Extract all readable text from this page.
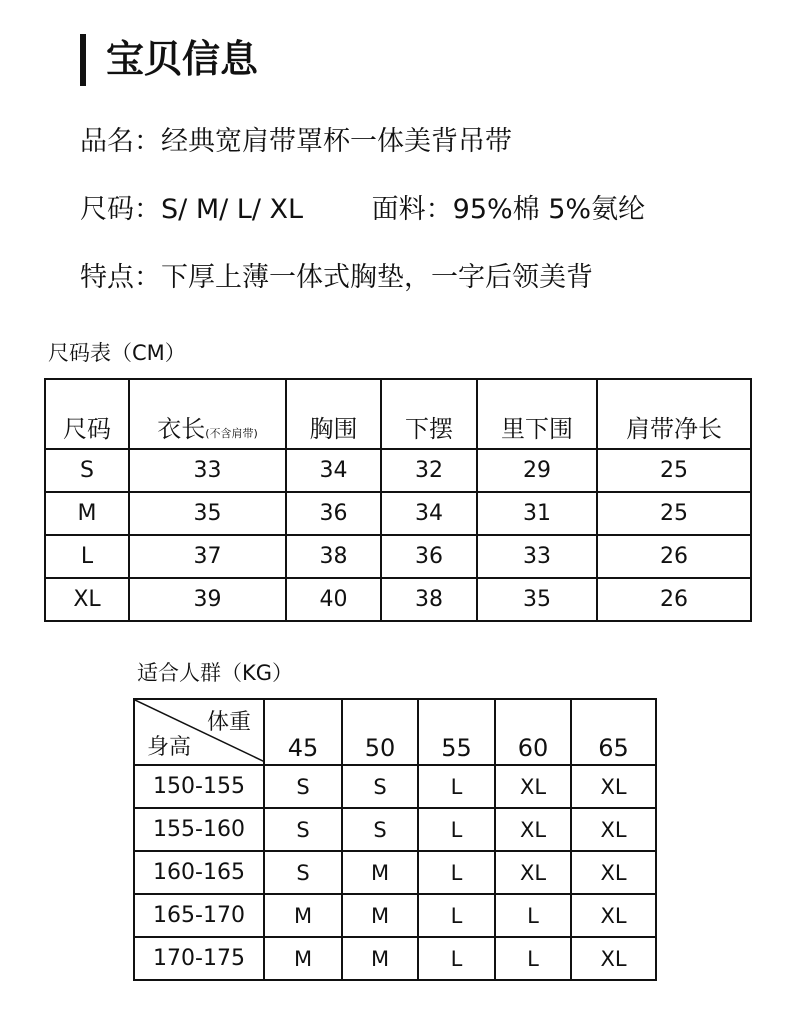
宝贝信息
品名：经典宽肩带罩杯一体美背吊带
尺码：S/ M/ L/ XL	面料：95%棉 5%氨纶
特点：下厚上薄一体式胸垫，一字后领美背
尺码表（CM）
尺码	衣长(不含肩带)	胸围	下摆	里下围	肩带净长
S	33	34	32	29	25
M	35	36	34	31	25
L	37	38	36	33	26
XL	39	40	38	35	26
适合人群（KG）
体重
身高	45	50	55	60	65
150-155	S	S	L	XL	XL
155-160	S	S	L	XL	XL
160-165	S	M	L	XL	XL
165-170	M	M	L	L	XL
170-175	M	M	L	L	XL
